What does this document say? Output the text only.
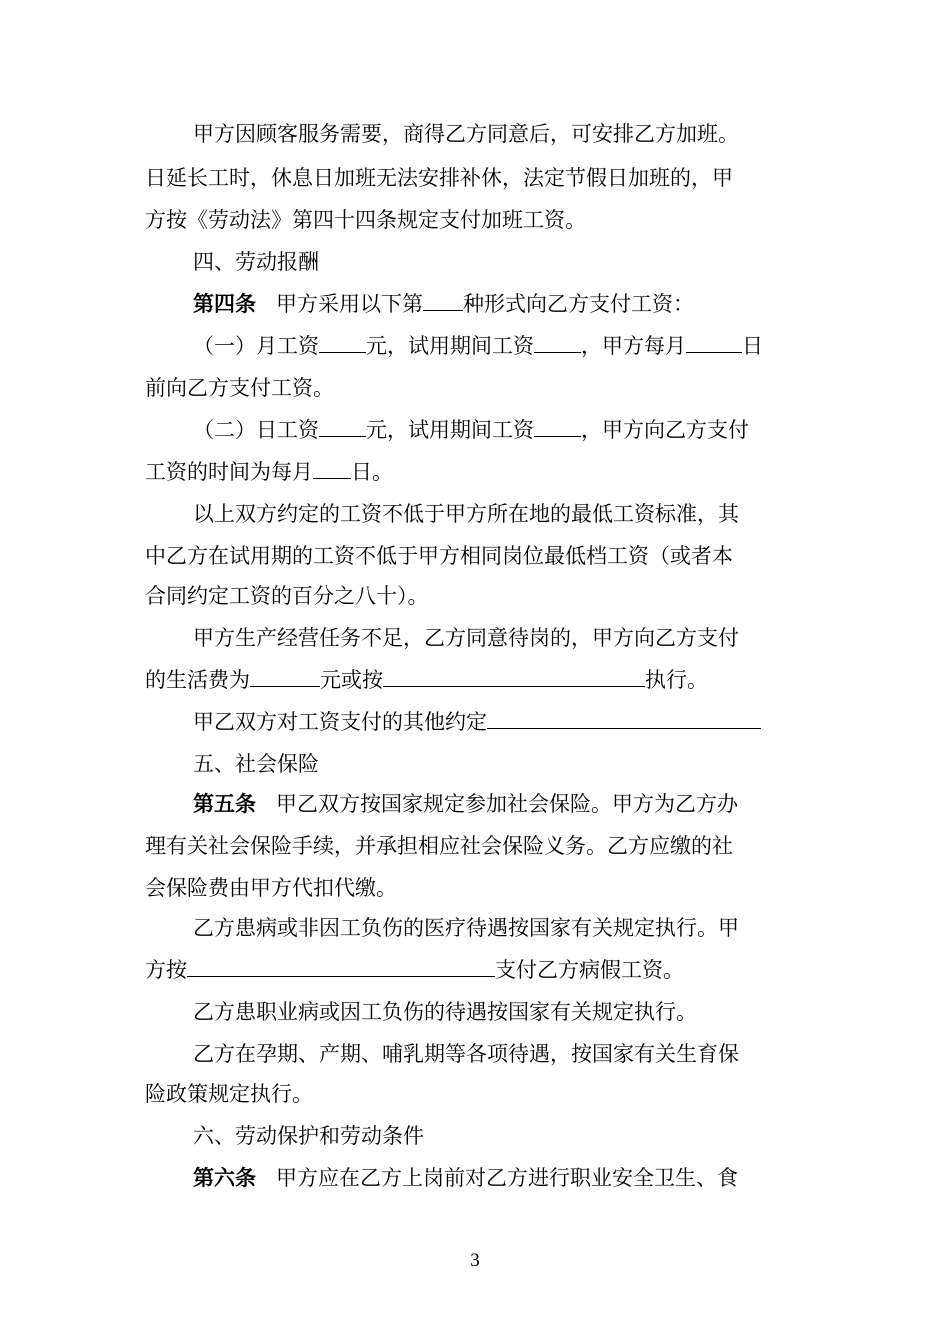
甲方因顾客服务需要，商得乙方同意后，可安排乙方加班。
日延长工时，休息日加班无法安排补休，法定节假日加班的，甲
方按《劳动法》第四十四条规定支付加班工资。
四、劳动报酬
第四条 甲方采用以下第 种形式向乙方支付工资：
（一）月工资 元，试用期间工资 ，甲方每月	日
前向乙方支付工资。
（二）日工资 元，试用期间工资 ，甲方向乙方支付
工资的时间为每月 日。
以上双方约定的工资不低于甲方所在地的最低工资标准，其
中乙方在试用期的工资不低于甲方相同岗位最低档工资（或者本
合同约定工资的百分之八十）。
甲方生产经营任务不足，乙方同意待岗的，甲方向乙方支付
的生活费为	元或按	执行。
甲乙双方对工资支付的其他约定
五、社会保险
第五条 甲乙双方按国家规定参加社会保险。甲方为乙方办
理有关社会保险手续，并承担相应社会保险义务。乙方应缴的社
会保险费由甲方代扣代缴。
乙方患病或非因工负伤的医疗待遇按国家有关规定执行。甲
方按	支付乙方病假工资。
乙方患职业病或因工负伤的待遇按国家有关规定执行。
乙方在孕期、产期、哺乳期等各项待遇，按国家有关生育保
险政策规定执行。
六、劳动保护和劳动条件
第六条 甲方应在乙方上岗前对乙方进行职业安全卫生、食
3
